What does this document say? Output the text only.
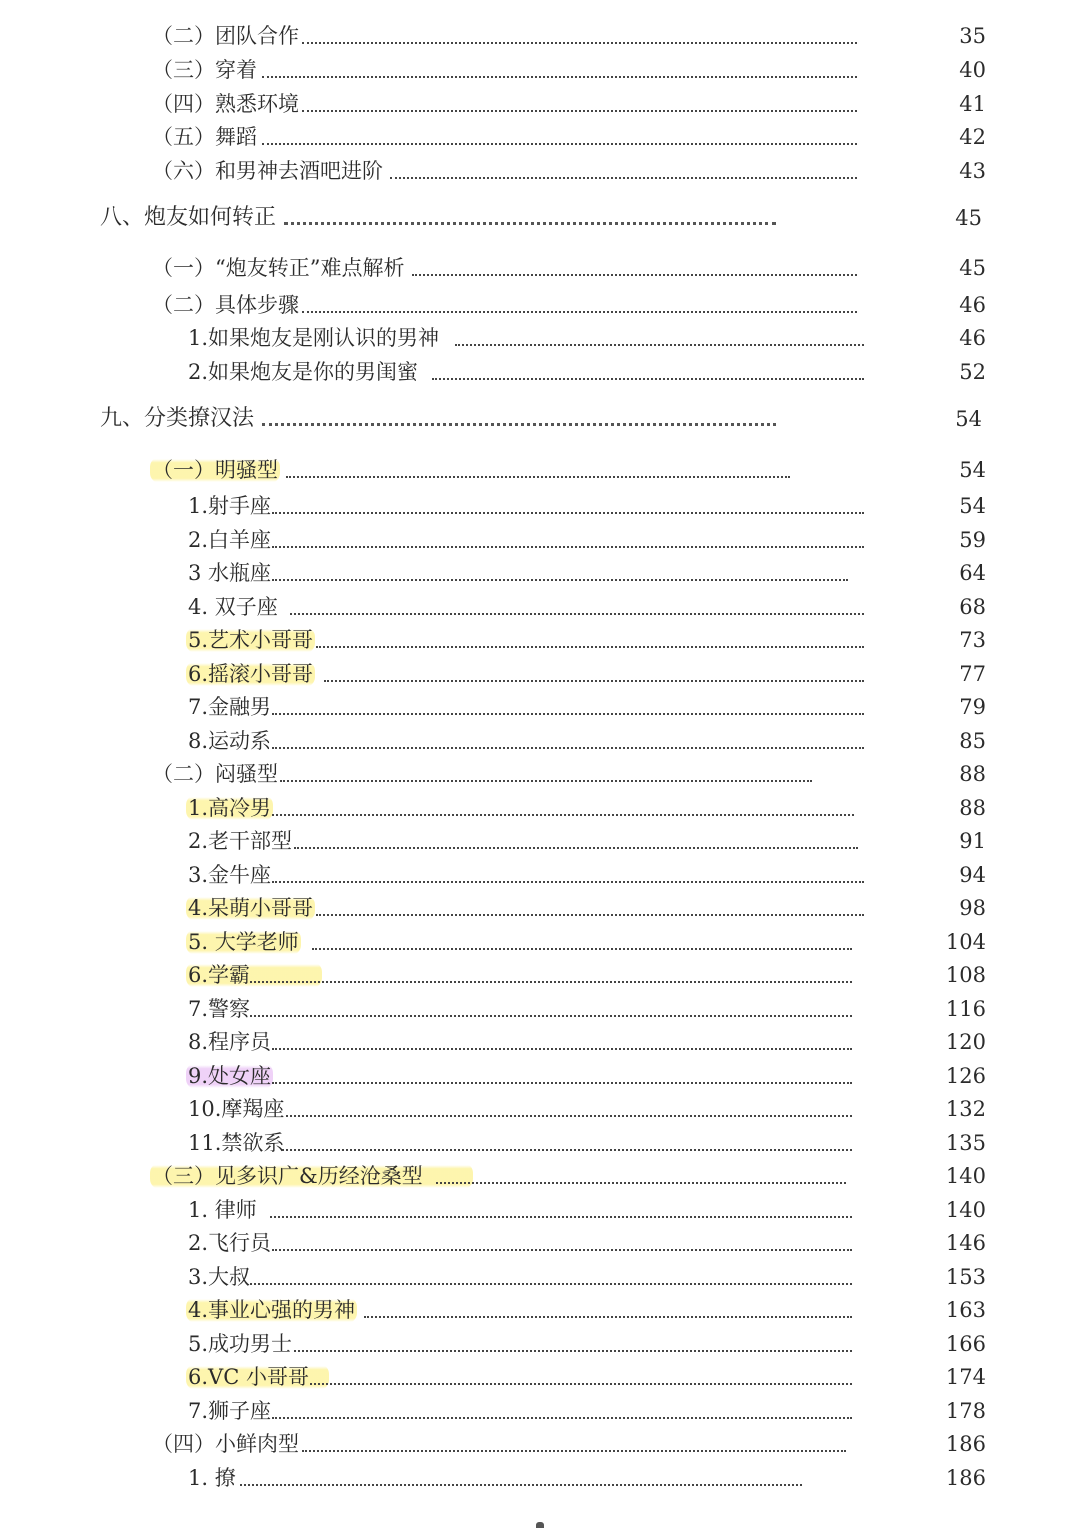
（二）团队合作	35
（三）穿着	40
（四）熟悉环境	41
（五）舞蹈	42
（六）和男神去酒吧进阶	43
八、炮友如何转正	45
（一）“炮友转正”难点解析	45
（二）具体步骤	46
1.如果炮友是刚认识的男神	46
2.如果炮友是你的男闺蜜	52
九、分类撩汉法	54
（一）明骚型	54
1.射手座	54
2.白羊座	59
3 水瓶座	64
4. 双子座	68
5.艺术小哥哥	73
6.摇滚小哥哥	77
7.金融男	79
8.运动系	85
（二）闷骚型	88
1.高冷男	88
2.老干部型	91
3.金牛座	94
4.呆萌小哥哥	98
5. 大学老师	104
6.学霸	108
7.警察	116
8.程序员	120
9.处女座	126
10.摩羯座	132
11.禁欲系	135
（三）见多识广&历经沧桑型	140
1. 律师	140
2.飞行员	146
3.大叔	153
4.事业心强的男神	163
5.成功男士	166
6.VC 小哥哥	174
7.狮子座	178
（四）小鲜肉型	186
1. 撩	186
